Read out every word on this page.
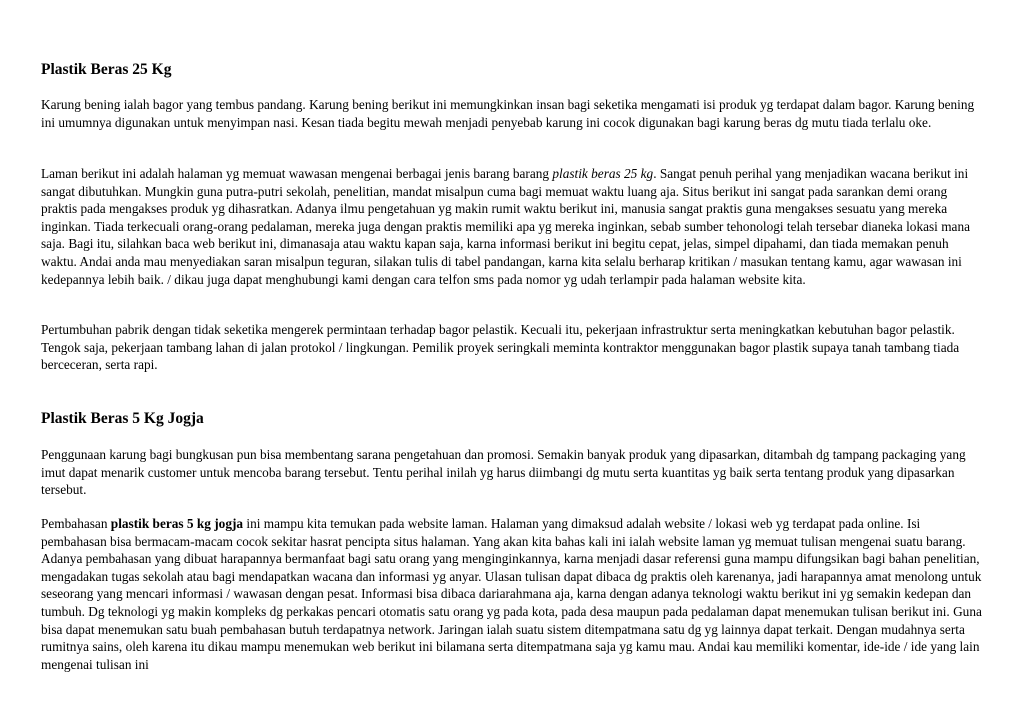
Plastik Beras 25 Kg

Karung bening ialah bagor yang tembus pandang. Karung bening berikut ini memungkinkan insan bagi seketika mengamati isi produk yg terdapat dalam bagor. Karung bening ini umumnya digunakan untuk menyimpan nasi. Kesan tiada begitu mewah menjadi penyebab karung ini cocok digunakan bagi karung beras dg mutu tiada terlalu oke.

Laman berikut ini adalah halaman yg memuat wawasan mengenai berbagai jenis barang barang plastik beras 25 kg. Sangat penuh perihal yang menjadikan wacana berikut ini sangat dibutuhkan. Mungkin guna putra-putri sekolah, penelitian, mandat misalpun cuma bagi memuat waktu luang aja. Situs berikut ini sangat pada sarankan demi orang praktis pada mengakses produk yg dihasratkan. Adanya ilmu pengetahuan yg makin rumit waktu berikut ini, manusia sangat praktis guna mengakses sesuatu yang mereka inginkan. Tiada terkecuali orang-orang pedalaman, mereka juga dengan praktis memiliki apa yg mereka inginkan, sebab sumber tehonologi telah tersebar dianeka lokasi mana saja. Bagi itu, silahkan baca web berikut ini, dimanasaja atau waktu kapan saja, karna informasi berikut ini begitu cepat, jelas, simpel dipahami, dan tiada memakan penuh waktu. Andai anda mau menyediakan saran misalpun teguran, silakan tulis di tabel pandangan, karna kita selalu berharap kritikan / masukan tentang kamu, agar wawasan ini kedepannya lebih baik. / dikau juga dapat menghubungi kami dengan cara telfon sms pada nomor yg udah terlampir pada halaman website kita.

Pertumbuhan pabrik dengan tidak seketika mengerek permintaan terhadap bagor pelastik. Kecuali itu, pekerjaan infrastruktur serta meningkatkan kebutuhan bagor pelastik. Tengok saja, pekerjaan tambang lahan di jalan protokol / lingkungan. Pemilik proyek seringkali meminta kontraktor menggunakan bagor plastik supaya tanah tambang tiada berceceran, serta rapi.

Plastik Beras 5 Kg Jogja

Penggunaan karung bagi bungkusan pun bisa membentang sarana pengetahuan dan promosi. Semakin banyak produk yang dipasarkan, ditambah dg tampang packaging yang imut dapat menarik customer untuk mencoba barang tersebut. Tentu perihal inilah yg harus diimbangi dg mutu serta kuantitas yg baik serta tentang produk yang dipasarkan tersebut.

Pembahasan plastik beras 5 kg jogja ini mampu kita temukan pada website laman. Halaman yang dimaksud adalah website / lokasi web yg terdapat pada online. Isi pembahasan bisa bermacam-macam cocok sekitar hasrat pencipta situs halaman. Yang akan kita bahas kali ini ialah website laman yg memuat tulisan mengenai suatu barang. Adanya pembahasan yang dibuat harapannya bermanfaat bagi satu orang yang menginginkannya, karna menjadi dasar referensi guna mampu difungsikan bagi bahan penelitian, mengadakan tugas sekolah atau bagi mendapatkan wacana dan informasi yg anyar. Ulasan tulisan dapat dibaca dg praktis oleh karenanya, jadi harapannya amat menolong untuk seseorang yang mencari informasi / wawasan dengan pesat. Informasi bisa dibaca dariarahmana aja, karna dengan adanya teknologi waktu berikut ini yg semakin kedepan dan tumbuh. Dg teknologi yg makin kompleks dg perkakas pencari otomatis satu orang yg pada kota, pada desa maupun pada pedalaman dapat menemukan tulisan berikut ini. Guna bisa dapat menemukan satu buah pembahasan butuh terdapatnya network. Jaringan ialah suatu sistem ditempatmana satu dg yg lainnya dapat terkait. Dengan mudahnya serta rumitnya sains, oleh karena itu dikau mampu menemukan web berikut ini bilamana serta ditempatmana saja yg kamu mau. Andai kau memiliki komentar, ide-ide / ide yang lain mengenai tulisan ini
